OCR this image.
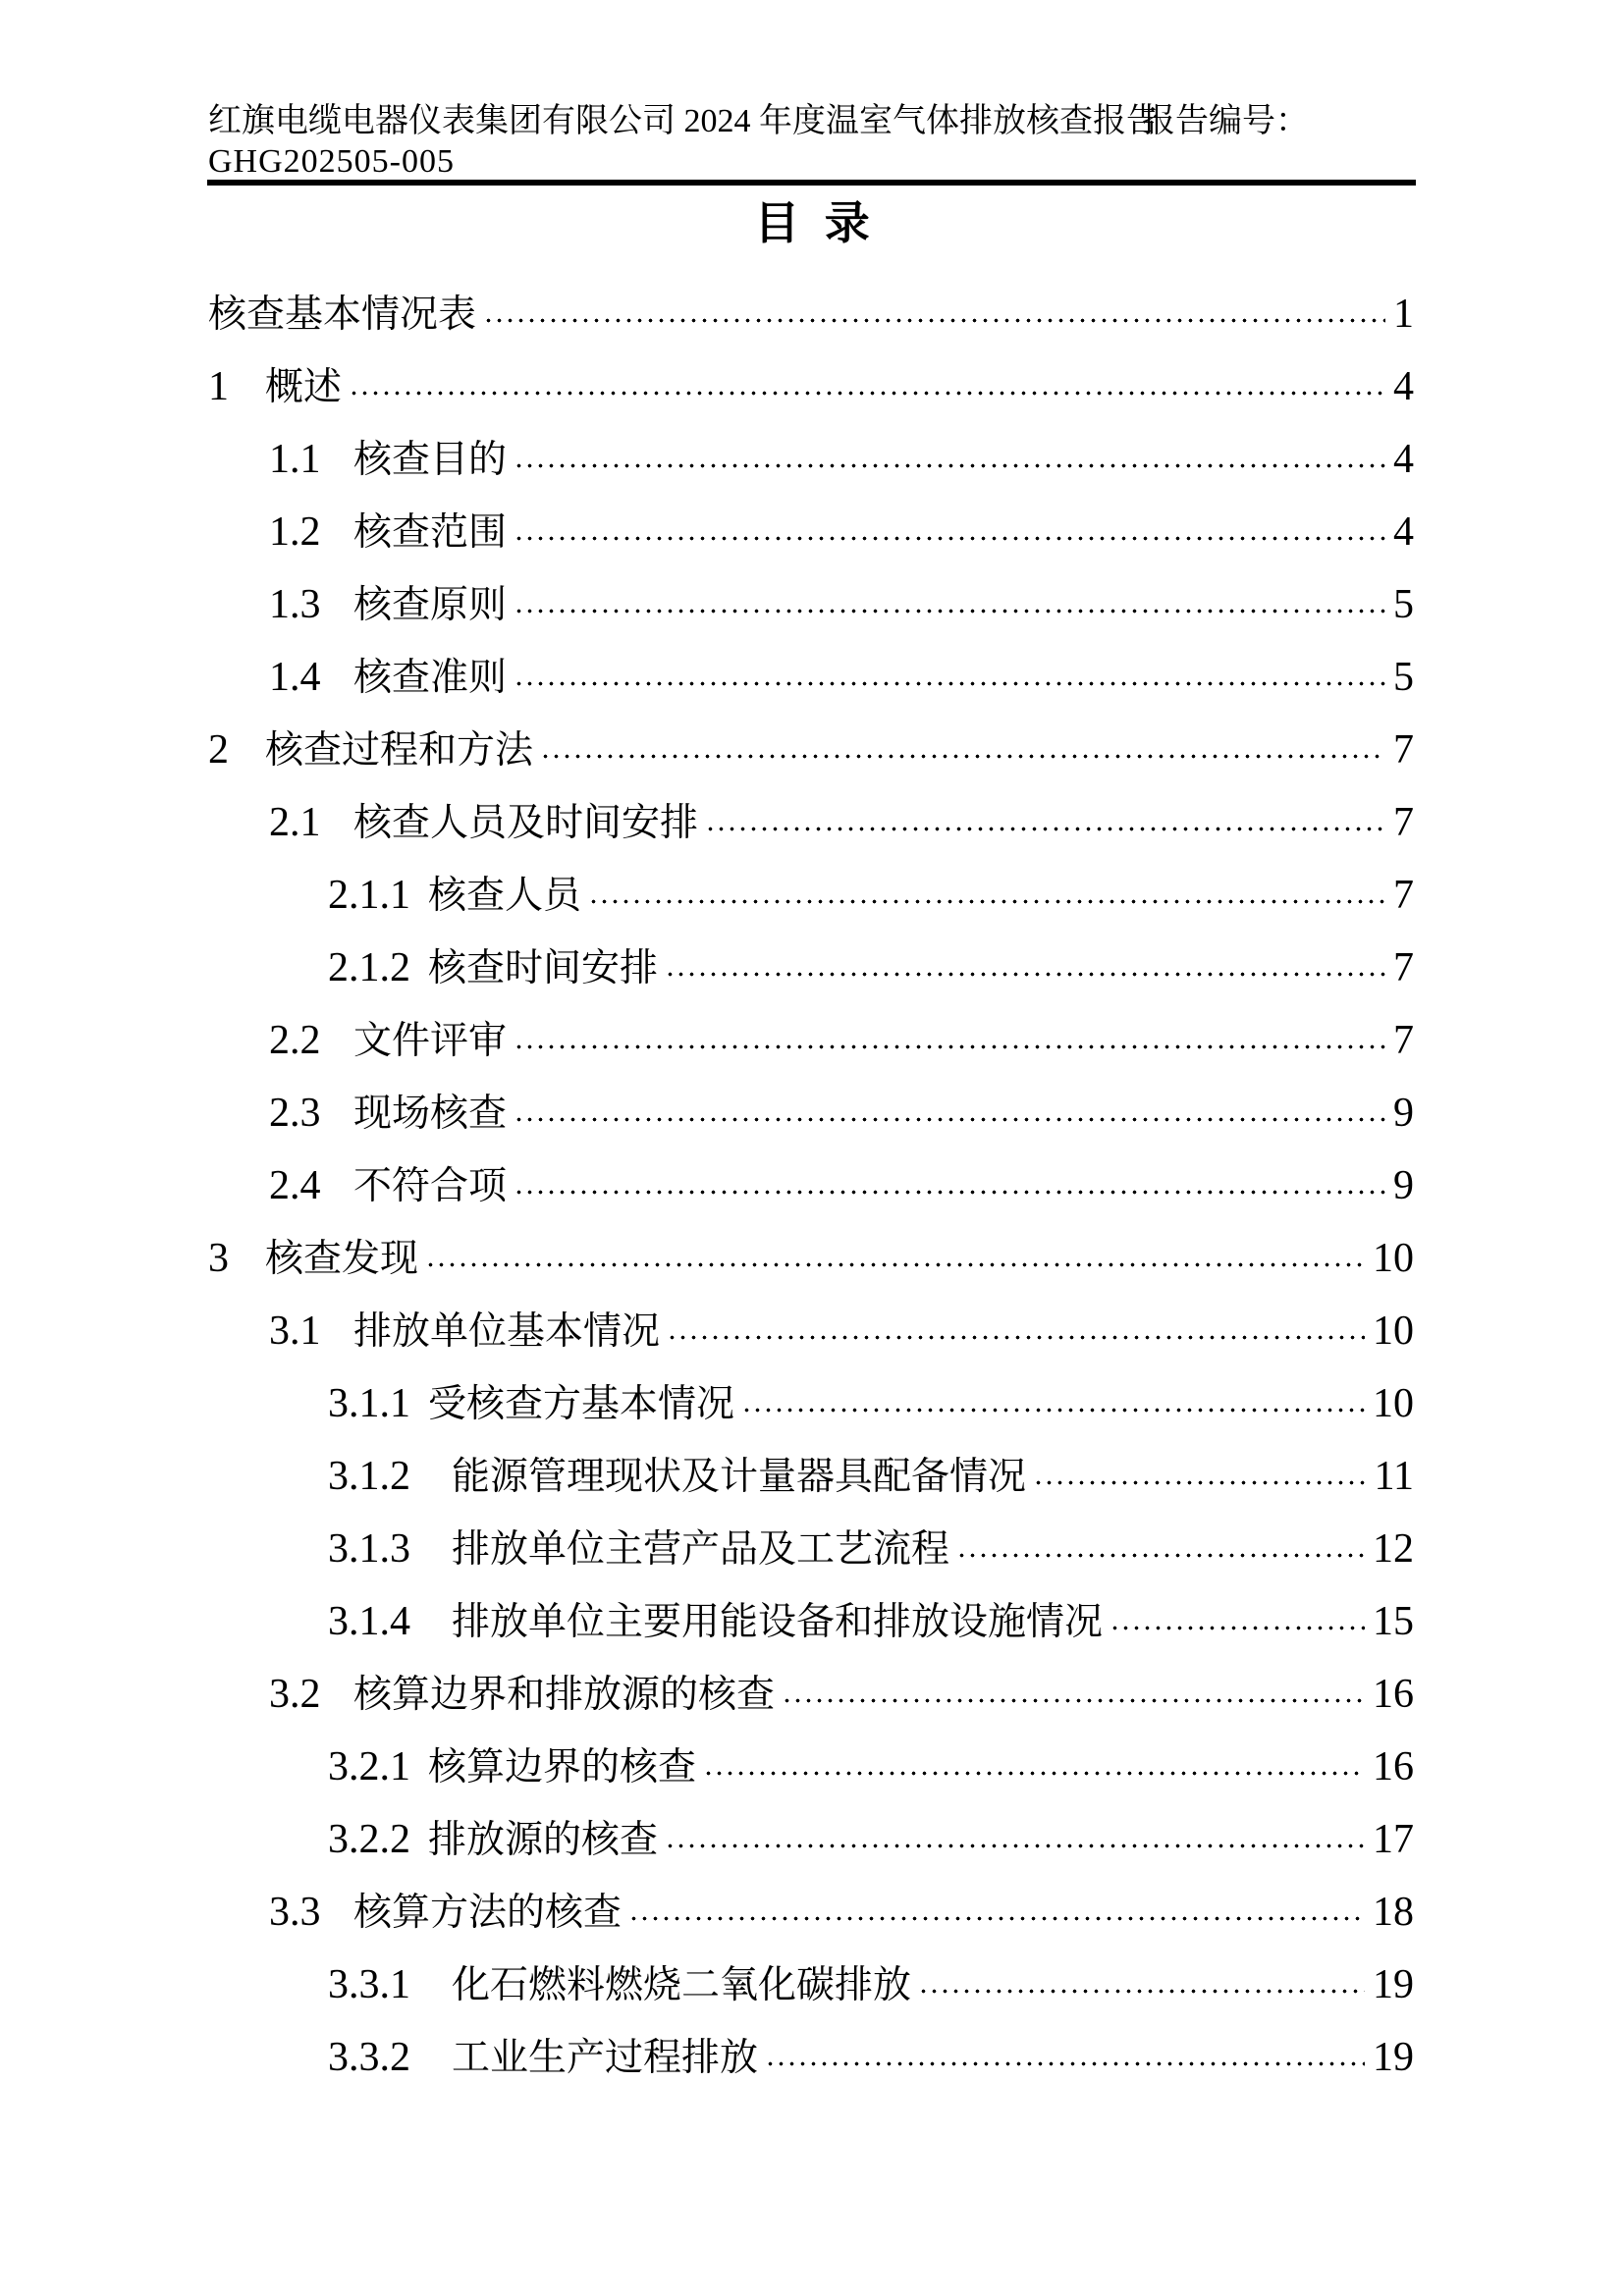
红旗电缆电器仪表集团有限公司 2024 年度温室气体排放核查报告
报告编号：
GHG202505-005
目 录
核查基本情况表	1
1 概述	4
1.1 核查目的	4
1.2 核查范围	4
1.3 核查原则	5
1.4 核查准则	5
2 核查过程和方法	7
2.1 核查人员及时间安排	7
2.1.1 核查人员	7
2.1.2 核查时间安排	7
2.2 文件评审	7
2.3 现场核查	9
2.4 不符合项	9
3 核查发现	10
3.1 排放单位基本情况	10
3.1.1 受核查方基本情况	10
3.1.2	能源管理现状及计量器具配备情况	11
3.1.3	排放单位主营产品及工艺流程	12
3.1.4	排放单位主要用能设备和排放设施情况	15
3.2 核算边界和排放源的核查	16
3.2.1 核算边界的核查	16
3.2.2 排放源的核查	17
3.3 核算方法的核查	18
3.3.1	化石燃料燃烧二氧化碳排放	19
3.3.2	工业生产过程排放	19
